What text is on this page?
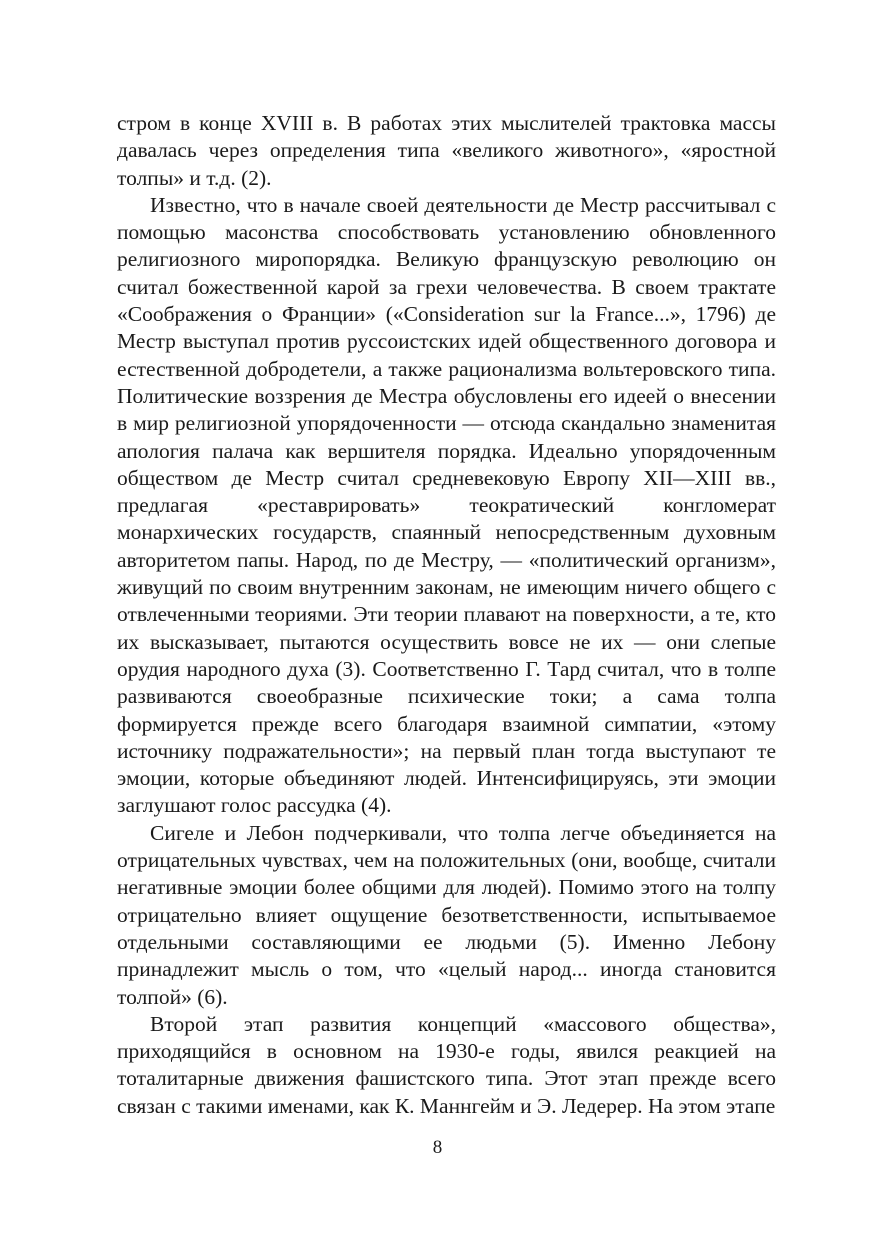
стром в конце XVIII в. В работах этих мыслителей трактовка массы давалась через определения типа «великого животного», «яростной толпы» и т.д. (2).

Известно, что в начале своей деятельности де Местр рассчитывал с помощью масонства способствовать установлению обновленного религиозного миропорядка. Великую французскую революцию он считал божественной карой за грехи человечества. В своем трактате «Соображения о Франции» («Consideration sur la France...», 1796) де Местр выступал против руссоистских идей общественного договора и естественной добродетели, а также рационализма вольтеровского типа. Политические воззрения де Местра обусловлены его идеей о внесении в мир религиозной упорядоченности — отсюда скандально знаменитая апология палача как вершителя порядка. Идеально упорядоченным обществом де Местр считал средневековую Европу XII—XIII вв., предлагая «реставрировать» теократический конгломерат монархических государств, спаянный непосредственным духовным авторитетом папы. Народ, по де Местру, — «политический организм», живущий по своим внутренним законам, не имеющим ничего общего с отвлеченными теориями. Эти теории плавают на поверхности, а те, кто их высказывает, пытаются осуществить вовсе не их — они слепые орудия народного духа (3). Соответственно Г. Тард считал, что в толпе развиваются своеобразные психические токи; а сама толпа формируется прежде всего благодаря взаимной симпатии, «этому источнику подражательности»; на первый план тогда выступают те эмоции, которые объединяют людей. Интенсифицируясь, эти эмоции заглушают голос рассудка (4).

Сигеле и Лебон подчеркивали, что толпа легче объединяется на отрицательных чувствах, чем на положительных (они, вообще, считали негативные эмоции более общими для людей). Помимо этого на толпу отрицательно влияет ощущение безответственности, испытываемое отдельными составляющими ее людьми (5). Именно Лебону принадлежит мысль о том, что «целый народ... иногда становится толпой» (6).

Второй этап развития концепций «массового общества», приходящийся в основном на 1930-е годы, явился реакцией на тоталитарные движения фашистского типа. Этот этап прежде всего связан с такими именами, как К. Маннгейм и Э. Ледерер. На этом этапе

8
